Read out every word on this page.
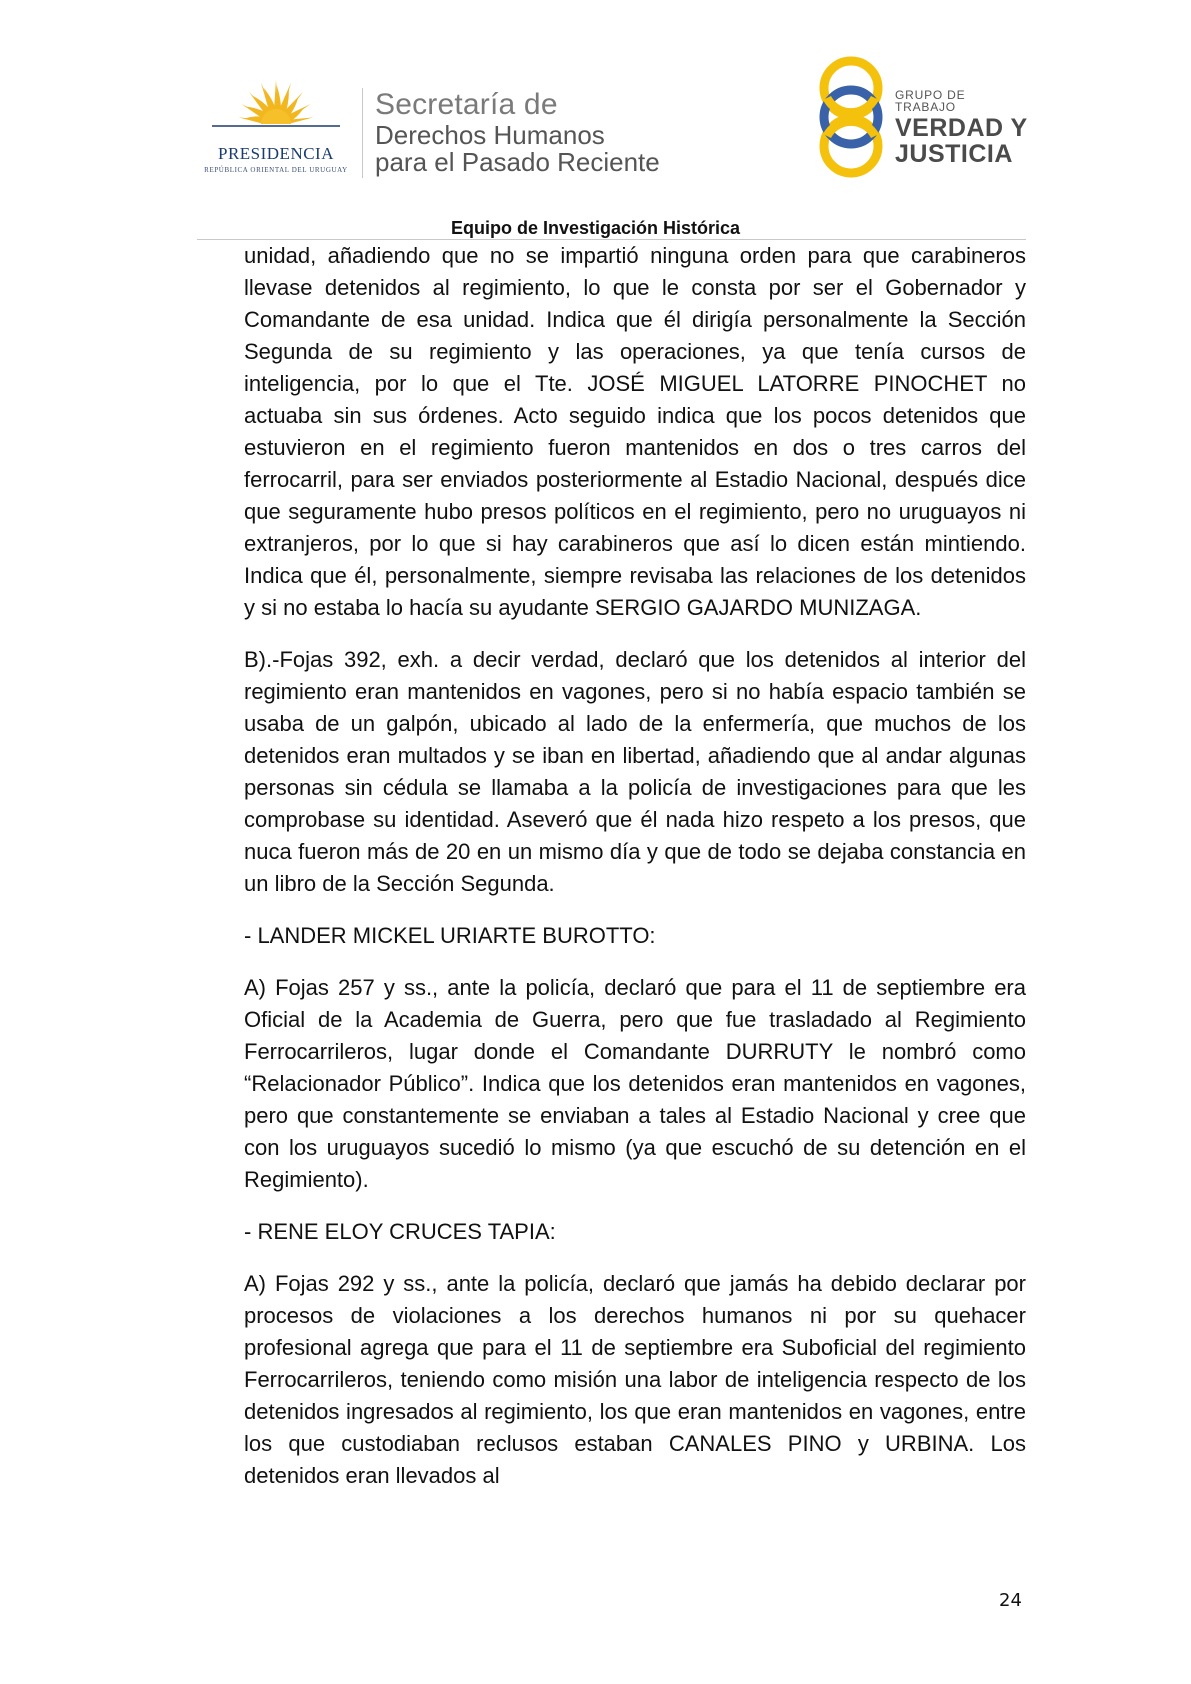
PRESIDENCIA
REPÚBLICA ORIENTAL DEL URUGUAY
Secretaría de
Derechos Humanos
para el Pasado Reciente
GRUPO DE TRABAJO
VERDAD Y
JUSTICIA
Equipo de Investigación Histórica

unidad, añadiendo que no se impartió ninguna orden para que carabineros llevase detenidos al regimiento, lo que le consta por ser el Gobernador y Comandante de esa unidad. Indica que él dirigía personalmente la Sección Segunda de su regimiento y las operaciones, ya que tenía cursos de inteligencia, por lo que el Tte. JOSÉ MIGUEL LATORRE PINOCHET no actuaba sin sus órdenes. Acto seguido indica que los pocos detenidos que estuvieron en el regimiento fueron mantenidos en dos o tres carros del ferrocarril, para ser enviados posteriormente al Estadio Nacional, después dice que seguramente hubo presos políticos en el regimiento, pero no uruguayos ni extranjeros, por lo que si hay carabineros que así lo dicen están mintiendo. Indica que él, personalmente, siempre revisaba las relaciones de los detenidos y si no estaba lo hacía su ayudante SERGIO GAJARDO MUNIZAGA.

B).-Fojas 392, exh. a decir verdad, declaró que los detenidos al interior del regimiento eran mantenidos en vagones, pero si no había espacio también se usaba de un galpón, ubicado al lado de la enfermería, que muchos de los detenidos eran multados y se iban en libertad, añadiendo que al andar algunas personas sin cédula se llamaba a la policía de investigaciones para que les comprobase su identidad. Aseveró que él nada hizo respeto a los presos, que nuca fueron más de 20 en un mismo día y que de todo se dejaba constancia en un libro de la Sección Segunda.

- LANDER MICKEL URIARTE BUROTTO:

A) Fojas 257 y ss., ante la policía, declaró que para el 11 de septiembre era Oficial de la Academia de Guerra, pero que fue trasladado al Regimiento Ferrocarrileros, lugar donde el Comandante DURRUTY le nombró como “Relacionador Público”. Indica que los detenidos eran mantenidos en vagones, pero que constantemente se enviaban a tales al Estadio Nacional y cree que con los uruguayos sucedió lo mismo (ya que escuchó de su detención en el Regimiento).

- RENE ELOY CRUCES TAPIA:

A) Fojas 292 y ss., ante la policía, declaró que jamás ha debido declarar por procesos de violaciones a los derechos humanos ni por su quehacer profesional agrega que para el 11 de septiembre era Suboficial del regimiento Ferrocarrileros, teniendo como misión una labor de inteligencia respecto de los detenidos ingresados al regimiento, los que eran mantenidos en vagones, entre los que custodiaban reclusos estaban CANALES PINO y URBINA. Los detenidos eran llevados al

24
